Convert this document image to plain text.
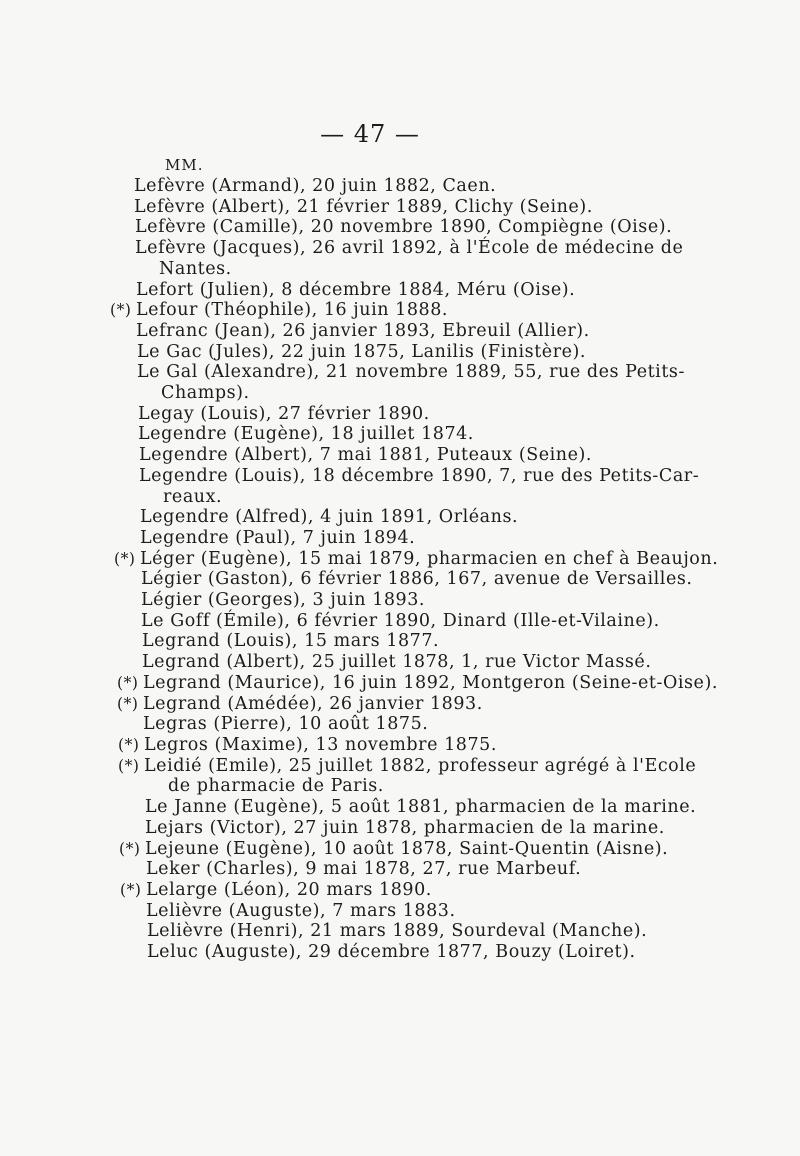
— 47 —
MM.
Lefèvre (Armand), 20 juin 1882, Caen.
Lefèvre (Albert), 21 février 1889, Clichy (Seine).
Lefèvre (Camille), 20 novembre 1890, Compiègne (Oise).
Lefèvre (Jacques), 26 avril 1892, à l'École de médecine de
Nantes.
Lefort (Julien), 8 décembre 1884, Méru (Oise).
(*) Lefour (Théophile), 16 juin 1888.
Lefranc (Jean), 26 janvier 1893, Ebreuil (Allier).
Le Gac (Jules), 22 juin 1875, Lanilis (Finistère).
Le Gal (Alexandre), 21 novembre 1889, 55, rue des Petits-
Champs).
Legay (Louis), 27 février 1890.
Legendre (Eugène), 18 juillet 1874.
Legendre (Albert), 7 mai 1881, Puteaux (Seine).
Legendre (Louis), 18 décembre 1890, 7, rue des Petits-Car-
reaux.
Legendre (Alfred), 4 juin 1891, Orléans.
Legendre (Paul), 7 juin 1894.
(*) Léger (Eugène), 15 mai 1879, pharmacien en chef à Beaujon.
Légier (Gaston), 6 février 1886, 167, avenue de Versailles.
Légier (Georges), 3 juin 1893.
Le Goff (Émile), 6 février 1890, Dinard (Ille-et-Vilaine).
Legrand (Louis), 15 mars 1877.
Legrand (Albert), 25 juillet 1878, 1, rue Victor Massé.
(*) Legrand (Maurice), 16 juin 1892, Montgeron (Seine-et-Oise).
(*) Legrand (Amédée), 26 janvier 1893.
Legras (Pierre), 10 août 1875.
(*) Legros (Maxime), 13 novembre 1875.
(*) Leidié (Emile), 25 juillet 1882, professeur agrégé à l'Ecole
de pharmacie de Paris.
Le Janne (Eugène), 5 août 1881, pharmacien de la marine.
Lejars (Victor), 27 juin 1878, pharmacien de la marine.
(*) Lejeune (Eugène), 10 août 1878, Saint-Quentin (Aisne).
Leker (Charles), 9 mai 1878, 27, rue Marbeuf.
(*) Lelarge (Léon), 20 mars 1890.
Lelièvre (Auguste), 7 mars 1883.
Lelièvre (Henri), 21 mars 1889, Sourdeval (Manche).
Leluc (Auguste), 29 décembre 1877, Bouzy (Loiret).
